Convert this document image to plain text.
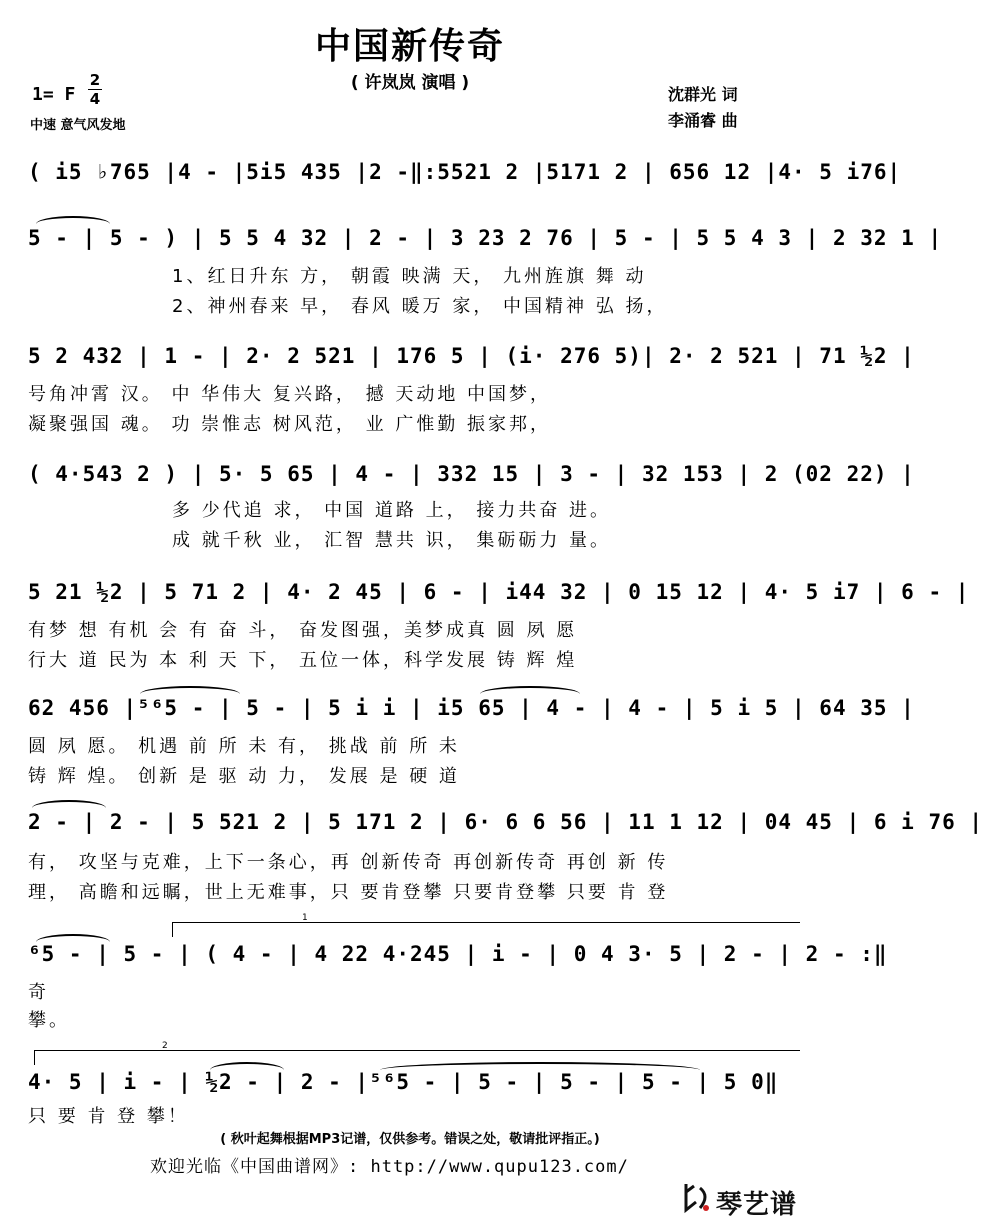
中国新传奇
( 许岚岚 演唱 )
1= F
2
4
中速 意气风发地
沈群光 词
李涌睿 曲
( i5 ♭765 |4 - |5i5 435 |2 -‖:5521 2 |5171 2 | 656 12 |4· 5 i76|
5 - | 5 - ) | 5 5 4 32 | 2 - | 3 23 2 76 | 5 - | 5 5 4 3 | 2 32 1 |
1、红日升东 方， 朝霞 映满 天， 九州旌旗 舞 动
2、神州春来 早， 春风 暖万 家， 中国精神 弘 扬，
5 2 432 | 1 - | 2· 2 521 | 176 5 | (i· 276 5)| 2· 2 521 | 71 ½2 |
号角冲霄 汉。 中 华伟大 复兴路， 撼 天动地 中国梦，
凝聚强国 魂。 功 崇惟志 树风范， 业 广惟勤 振家邦，
( 4·543 2 ) | 5· 5 65 | 4 - | 332 15 | 3 - | 32 153 | 2 (02 22) |
多 少代追 求， 中国 道路 上， 接力共奋 进。
成 就千秋 业， 汇智 慧共 识， 集砺砺力 量。
5 21 ½2 | 5 71 2 | 4· 2 45 | 6 - | i44 32 | 0 15 12 | 4· 5 i7 | 6 - |
有梦 想 有机 会 有 奋 斗， 奋发图强，美梦成真 圆 夙 愿
行大 道 民为 本 利 天 下， 五位一体，科学发展 铸 辉 煌
62 456 |⁵⁶5 - | 5 - | 5 i i | i5 65 | 4 - | 4 - | 5 i 5 | 64 35 |
圆 夙 愿。 机遇 前 所 未 有， 挑战 前 所 未
铸 辉 煌。 创新 是 驱 动 力， 发展 是 硬 道
2 - | 2 - | 5 521 2 | 5 171 2 | 6· 6 6 56 | 11 1 12 | 04 45 | 6 i 76 |
有， 攻坚与克难，上下一条心，再 创新传奇 再创新传奇 再创 新 传
理， 高瞻和远瞩，世上无难事，只 要肯登攀 只要肯登攀 只要 肯 登
1
⁶5 - | 5 - | ( 4 - | 4 22 4·245 | i - | 0 4 3· 5 | 2 - | 2 - :‖
奇
攀。
2
4· 5 | i - | ½2 - | 2 - |⁵⁶5 - | 5 - | 5 - | 5 - | 5 0‖
只 要 肯 登 攀！
( 秋叶起舞根据MP3记谱，仅供参考。错误之处，敬请批评指正。)
欢迎光临《中国曲谱网》: http://www.qupu123.com/
琴艺谱
